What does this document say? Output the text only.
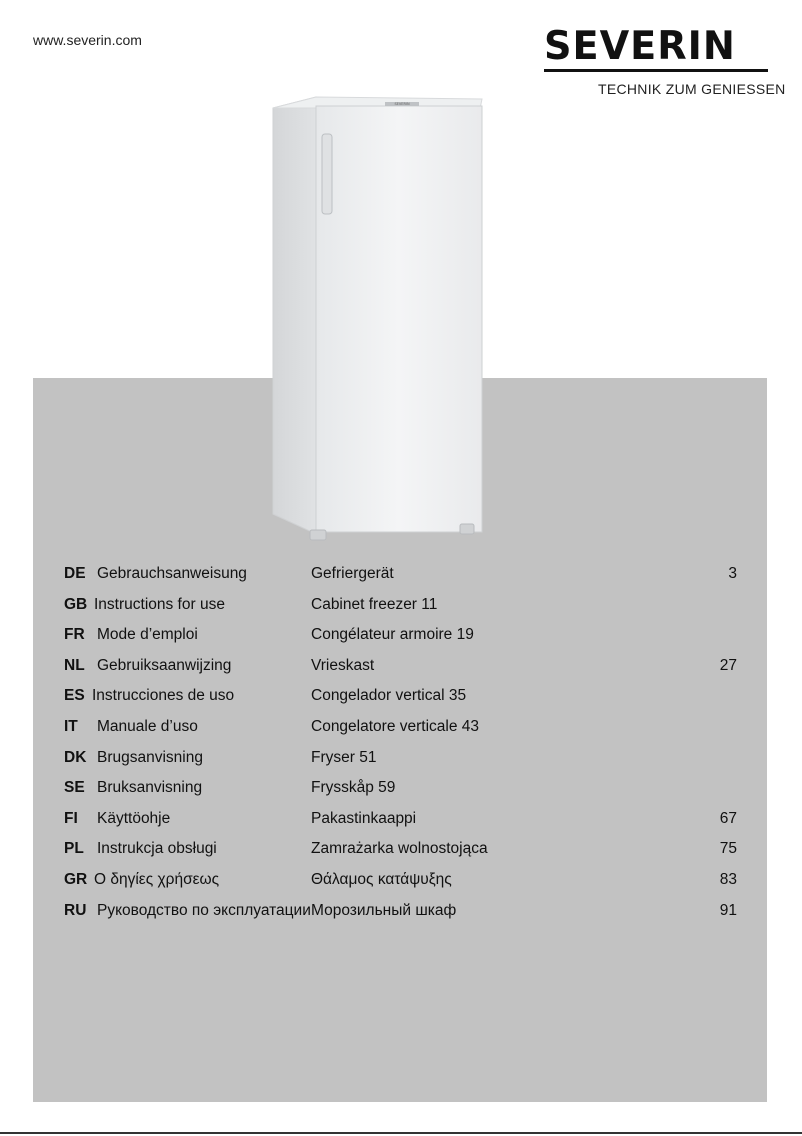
www.severin.com	SEVERIN
TECHNIK ZUM GENIESSEN
SEVERIN
DE Gebrauchsanweisung	Gefriergerät	3
GB Instructions for use	Cabinet freezer 11
FR Mode d’emploi	Congélateur armoire 19
NL Gebruiksaanwijzing	Vrieskast	27
ES Instrucciones de uso	Congelador vertical 35
IT Manuale d’uso	Congelatore verticale 43
DK Brugsanvisning	Fryser 51
SE Bruksanvisning	Frysskåp 59
FI Käyttöohje	Pakastinkaappi	67
PL Instrukcja obsługi	Zamrażarka wolnostojąca	75
GR Ο δηγίες χρήσεως	Θάλαμος κατάψυξης	83
RU Руководство по эксплуатации Морозильный шкаф	91
